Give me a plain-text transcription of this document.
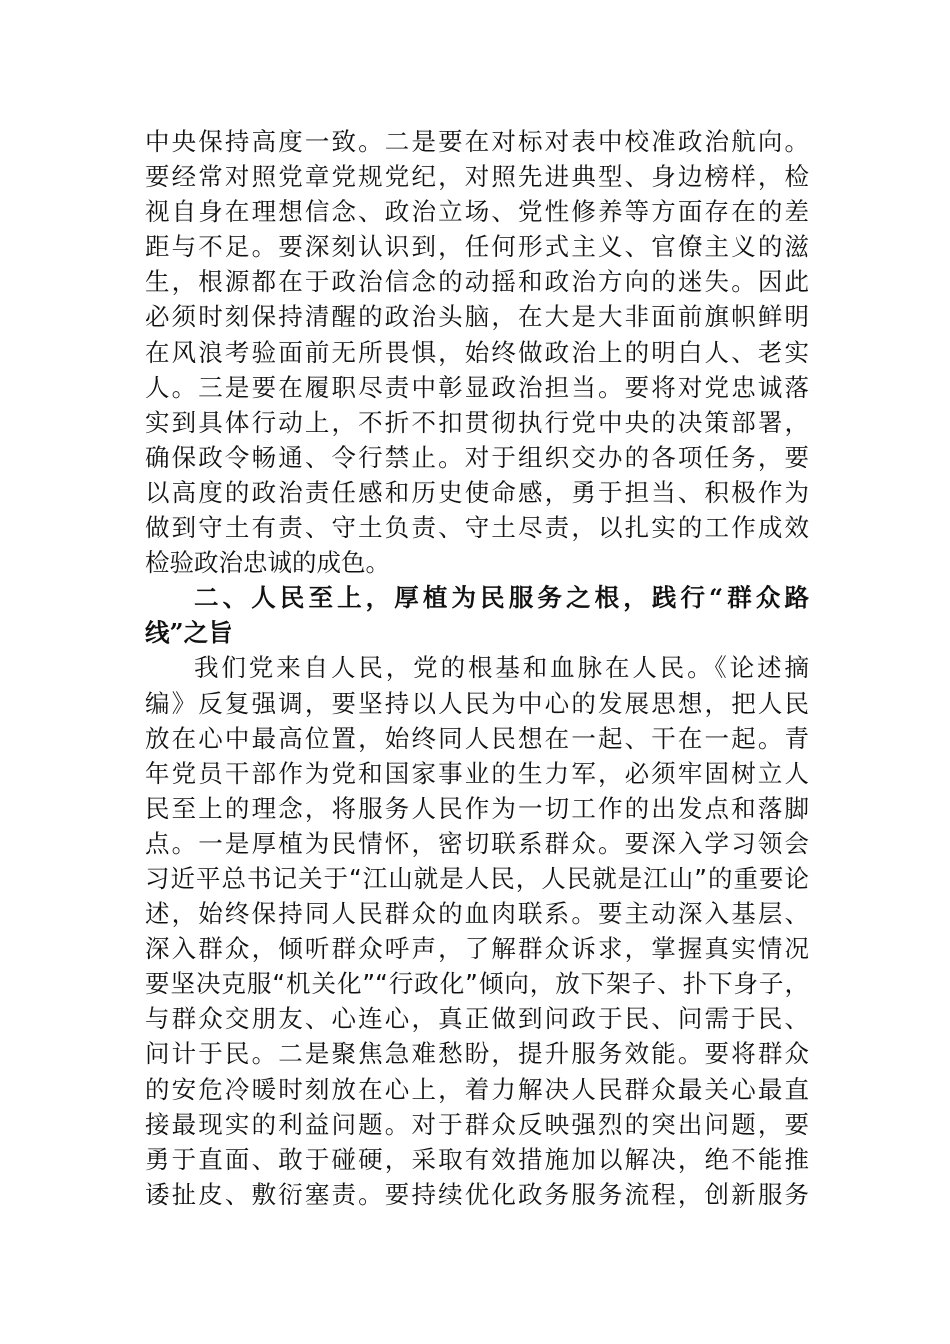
中央保持高度一致。二是要在对标对表中校准政治航向。
要经常对照党章党规党纪，对照先进典型、身边榜样，检
视自身在理想信念、政治立场、党性修养等方面存在的差
距与不足。要深刻认识到，任何形式主义、官僚主义的滋
生，根源都在于政治信念的动摇和政治方向的迷失。因此
必须时刻保持清醒的政治头脑，在大是大非面前旗帜鲜明
在风浪考验面前无所畏惧，始终做政治上的明白人、老实
人。三是要在履职尽责中彰显政治担当。要将对党忠诚落
实到具体行动上，不折不扣贯彻执行党中央的决策部署，
确保政令畅通、令行禁止。对于组织交办的各项任务，要
以高度的政治责任感和历史使命感，勇于担当、积极作为
做到守土有责、守土负责、守土尽责，以扎实的工作成效
检验政治忠诚的成色。
二、人民至上，厚植为民服务之根，践行“群众路
线”之旨
我们党来自人民，党的根基和血脉在人民。《论述摘
编》反复强调，要坚持以人民为中心的发展思想，把人民
放在心中最高位置，始终同人民想在一起、干在一起。青
年党员干部作为党和国家事业的生力军，必须牢固树立人
民至上的理念，将服务人民作为一切工作的出发点和落脚
点。一是厚植为民情怀，密切联系群众。要深入学习领会
习近平总书记关于“江山就是人民，人民就是江山”的重要论
述，始终保持同人民群众的血肉联系。要主动深入基层、
深入群众，倾听群众呼声，了解群众诉求，掌握真实情况
要坚决克服“机关化”“行政化”倾向，放下架子、扑下身子，
与群众交朋友、心连心，真正做到问政于民、问需于民、
问计于民。二是聚焦急难愁盼，提升服务效能。要将群众
的安危冷暖时刻放在心上，着力解决人民群众最关心最直
接最现实的利益问题。对于群众反映强烈的突出问题，要
勇于直面、敢于碰硬，采取有效措施加以解决，绝不能推
诿扯皮、敷衍塞责。要持续优化政务服务流程，创新服务
